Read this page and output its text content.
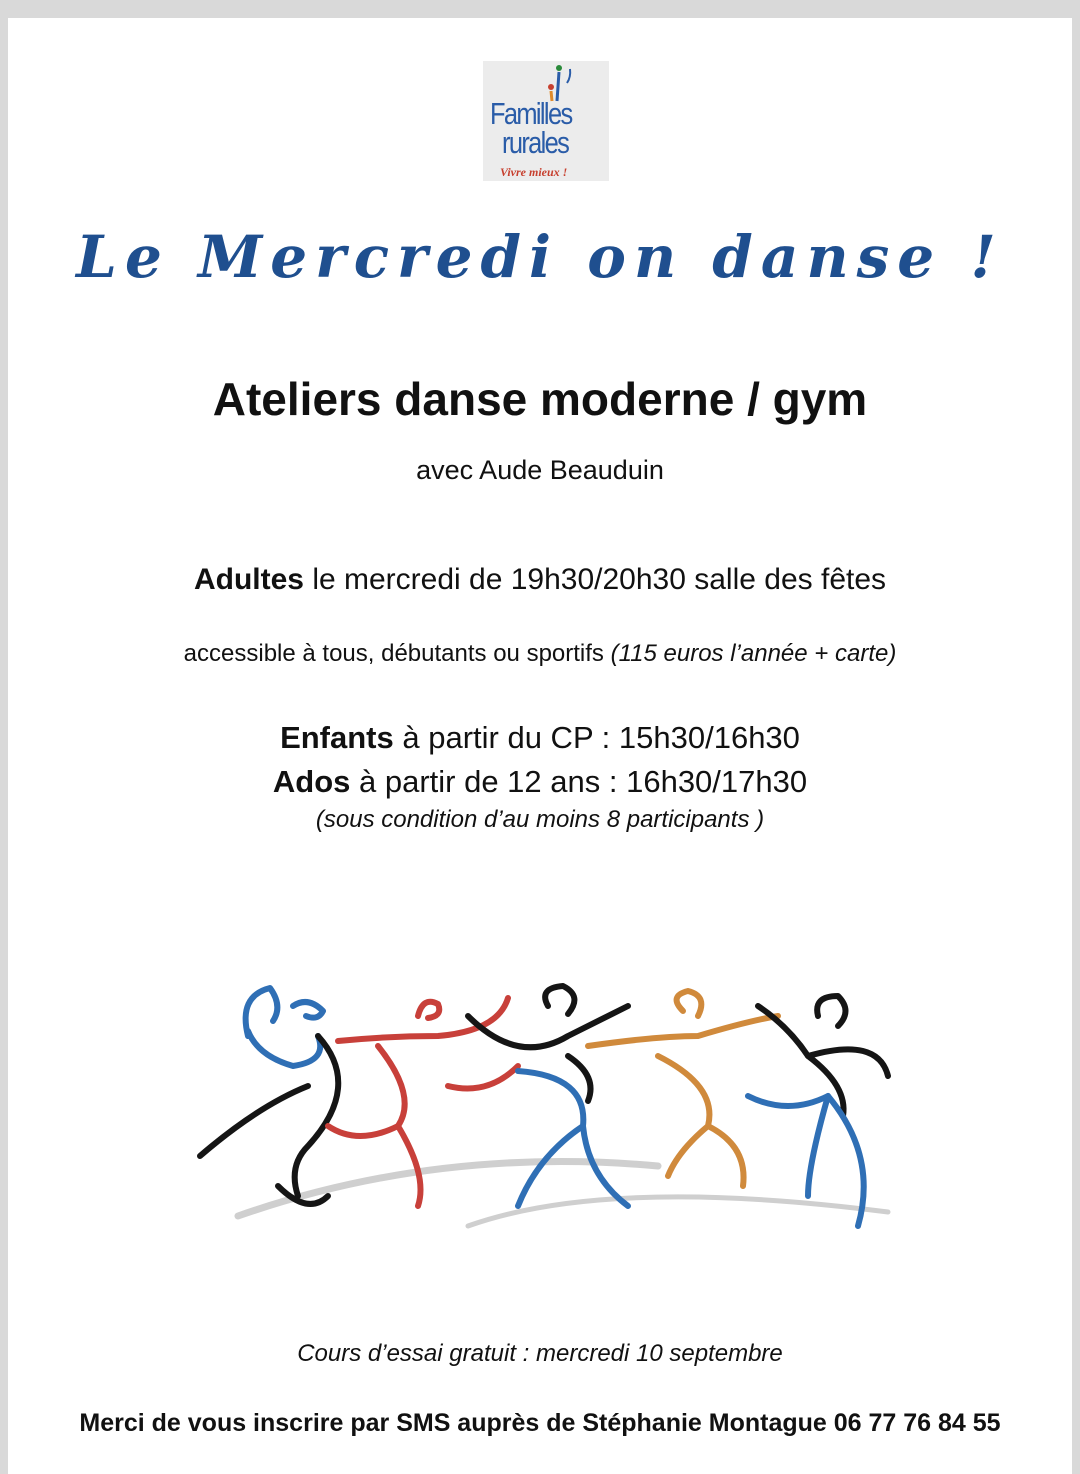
Familles
rurales
Vivre mieux !
Le Mercredi on danse !
Ateliers danse moderne / gym
avec Aude Beauduin
Adultes le mercredi de 19h30/20h30 salle des fêtes
accessible à tous, débutants ou sportifs (115 euros l’année + carte)
Enfants à partir du CP : 15h30/16h30
Ados à partir de 12 ans : 16h30/17h30
(sous condition d’au moins 8 participants )
Cours d’essai gratuit : mercredi 10 septembre
Merci de vous inscrire par SMS auprès de Stéphanie Montague 06 77 76 84 55
